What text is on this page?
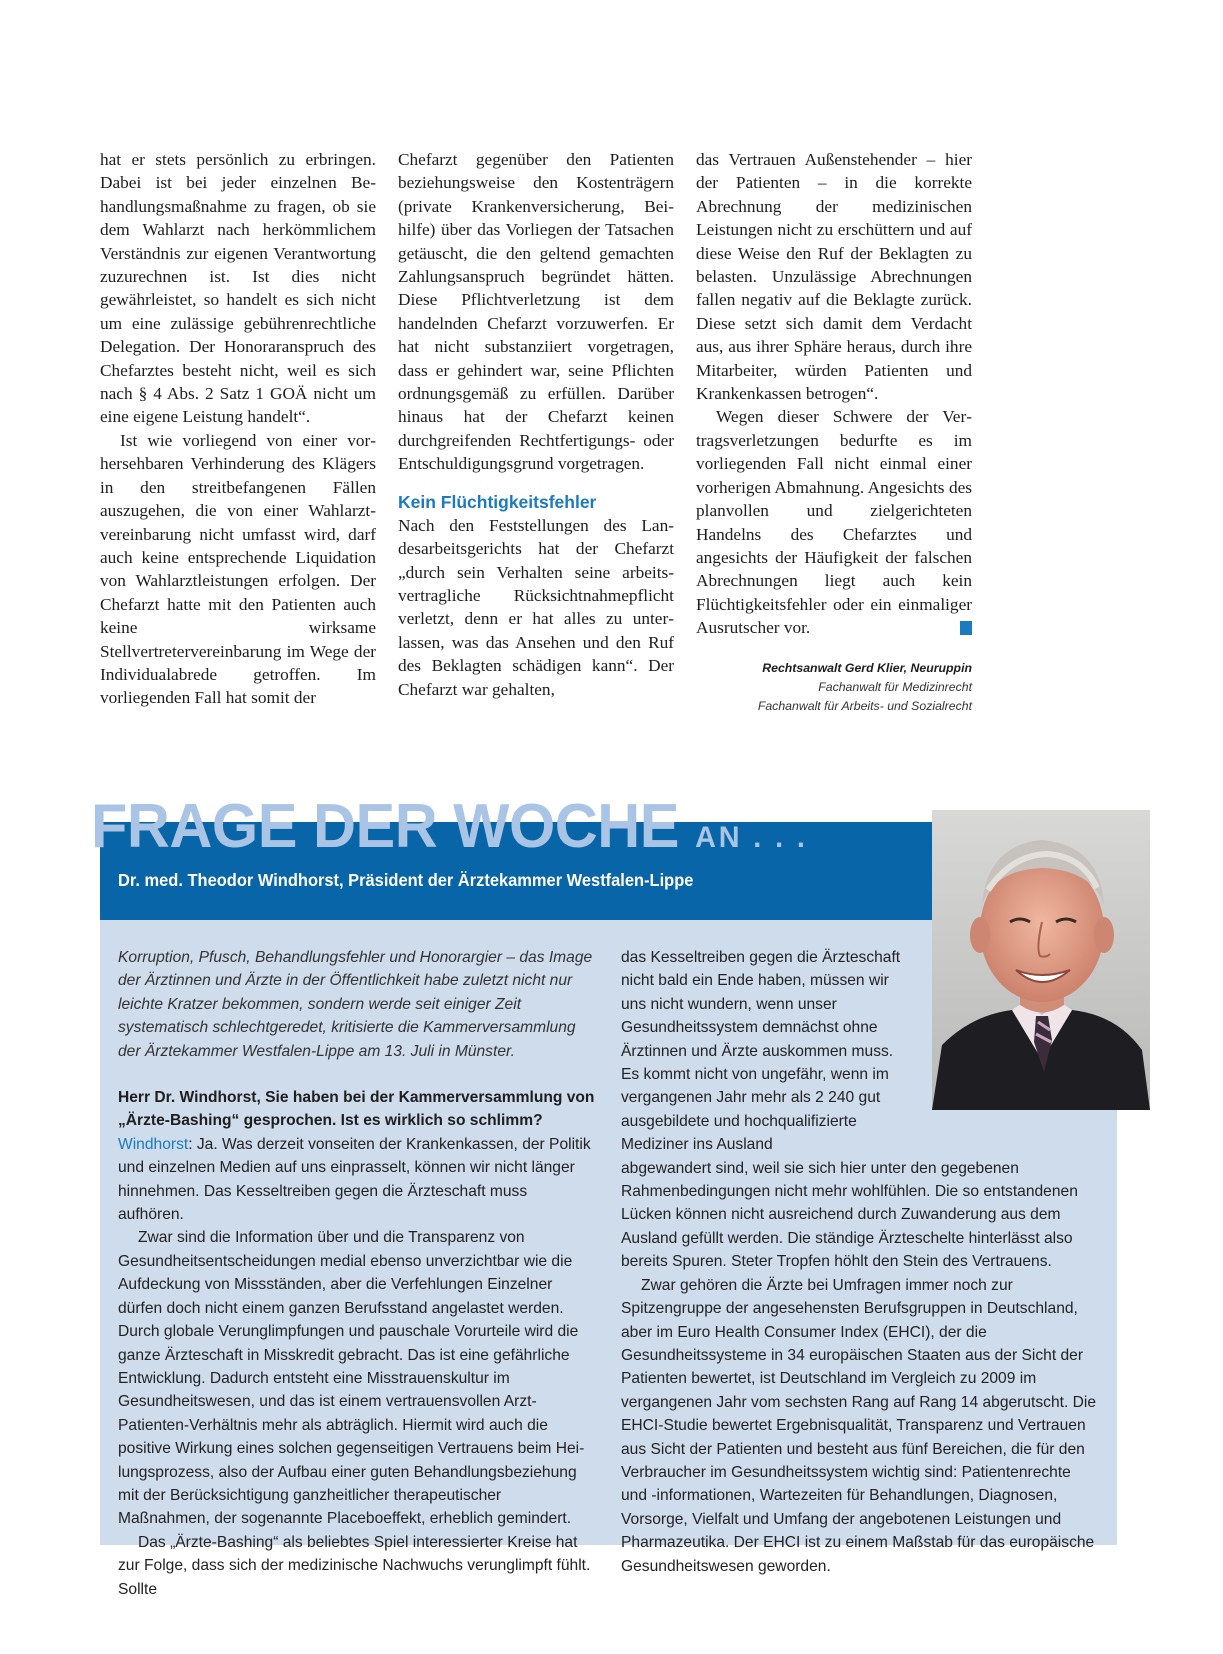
hat er stets persönlich zu erbringen. Dabei ist bei jeder einzelnen Behandlungsmaßnahme zu fragen, ob sie dem Wahlarzt nach herkömmlichem Verständnis zur eigenen Verantwortung zuzurechnen ist. Ist dies nicht gewährleistet, so handelt es sich nicht um eine zulässige gebührenrechtliche Delegation. Der Honoraranspruch des Chefarztes besteht nicht, weil es sich nach § 4 Abs. 2 Satz 1 GOÄ nicht um eine eigene Leistung handelt“.

Ist wie vorliegend von einer vorhersehbaren Verhinderung des Klägers in den streitbefangenen Fällen auszugehen, die von einer Wahlarztvereinbarung nicht umfasst wird, darf auch keine entsprechende Liquidation von Wahlarztleistungen erfolgen. Der Chefarzt hatte mit den Patienten auch keine wirksame Stellvertretervereinbarung im Wege der Individualabrede getroffen. Im vorliegenden Fall hat somit der

Chefarzt gegenüber den Patienten beziehungsweise den Kostenträgern (private Krankenversicherung, Beihilfe) über das Vorliegen der Tatsachen getäuscht, die den geltend gemachten Zahlungsanspruch begründet hätten. Diese Pflichtverletzung ist dem handelnden Chefarzt vorzuwerfen. Er hat nicht substanziiert vorgetragen, dass er gehindert war, seine Pflichten ordnungsgemäß zu erfüllen. Darüber hinaus hat der Chefarzt keinen durchgreifenden Rechtfertigungs- oder Entschuldigungsgrund vorgetragen.

Kein Flüchtigkeitsfehler

Nach den Feststellungen des Landesarbeitsgerichts hat der Chefarzt „durch sein Verhalten seine arbeitsvertragliche Rücksichtnahmepflicht verletzt, denn er hat alles zu unterlassen, was das Ansehen und den Ruf des Beklagten schädigen kann“. Der Chefarzt war gehalten,

das Vertrauen Außenstehender – hier der Patienten – in die korrekte Abrechnung der medizinischen Leistungen nicht zu erschüttern und auf diese Weise den Ruf der Beklagten zu belasten. Unzulässige Abrechnungen fallen negativ auf die Beklagte zurück. Diese setzt sich damit dem Verdacht aus, aus ihrer Sphäre heraus, durch ihre Mitarbeiter, würden Patienten und Krankenkassen betrogen“.

Wegen dieser Schwere der Vertragsverletzungen bedurfte es im vorliegenden Fall nicht einmal einer vorherigen Abmahnung. Angesichts des planvollen und zielgerichteten Handelns des Chefarztes und angesichts der Häufigkeit der falschen Abrechnungen liegt auch kein Flüchtigkeitsfehler oder ein einmaliger Ausrutscher vor.

Rechtsanwalt Gerd Klier, Neuruppin
Fachanwalt für Medizinrecht
Fachanwalt für Arbeits- und Sozialrecht
FRAGE DER WOCHE AN . . .
Dr. med. Theodor Windhorst, Präsident der Ärztekammer Westfalen-Lippe

Korruption, Pfusch, Behandlungsfehler und Honorargier – das Image der Ärztinnen und Ärzte in der Öffentlichkeit habe zuletzt nicht nur leichte Kratzer bekommen, sondern werde seit einiger Zeit systematisch schlechtgeredet, kritisierte die Kammerversammlung der Ärztekammer Westfalen-Lippe am 13. Juli in Münster.

Herr Dr. Windhorst, Sie haben bei der Kammerversammlung von „Ärzte-Bashing“ gesprochen. Ist es wirklich so schlimm?

Windhorst: Ja. Was derzeit vonseiten der Krankenkassen, der Politik und einzelnen Medien auf uns einprasselt, können wir nicht länger hinnehmen. Das Kesseltreiben gegen die Ärzteschaft muss aufhören.

Zwar sind die Information über und die Transparenz von Gesundheitsentscheidungen medial ebenso unverzichtbar wie die Aufdeckung von Missständen, aber die Verfehlungen Einzelner dürfen doch nicht einem ganzen Berufsstand angelastet werden. Durch globale Verunglimpfungen und pauschale Vorurteile wird die ganze Ärzteschaft in Misskredit gebracht. Das ist eine gefährliche Entwicklung. Dadurch entsteht eine Misstrauenskultur im Gesundheitswesen, und das ist einem vertrauensvollen Arzt-Patienten-Verhältnis mehr als abträglich. Hiermit wird auch die positive Wirkung eines solchen gegenseitigen Vertrauens beim Heilungsprozess, also der Aufbau einer guten Behandlungsbeziehung mit der Berücksichtigung ganzheitlicher therapeutischer Maßnahmen, der sogenannte Placeboeffekt, erheblich gemindert.

Das „Ärzte-Bashing“ als beliebtes Spiel interessierter Kreise hat zur Folge, dass sich der medizinische Nachwuchs verunglimpft fühlt. Sollte

das Kesseltreiben gegen die Ärzteschaft nicht bald ein Ende haben, müssen wir uns nicht wundern, wenn unser Gesundheitssystem demnächst ohne Ärztinnen und Ärzte auskommen muss. Es kommt nicht von ungefähr, wenn im vergangenen Jahr mehr als 2 240 gut ausgebildete und hochqualifizierte Mediziner ins Ausland

abgewandert sind, weil sie sich hier unter den gegebenen Rahmenbedingungen nicht mehr wohlfühlen. Die so entstandenen Lücken können nicht ausreichend durch Zuwanderung aus dem Ausland gefüllt werden. Die ständige Ärzteschelte hinterlässt also bereits Spuren. Steter Tropfen höhlt den Stein des Vertrauens.

Zwar gehören die Ärzte bei Umfragen immer noch zur Spitzengruppe der angesehensten Berufsgruppen in Deutschland, aber im Euro Health Consumer Index (EHCI), der die Gesundheitssysteme in 34 europäischen Staaten aus der Sicht der Patienten bewertet, ist Deutschland im Vergleich zu 2009 im vergangenen Jahr vom sechsten Rang auf Rang 14 abgerutscht. Die EHCI-Studie bewertet Ergebnisqualität, Transparenz und Vertrauen aus Sicht der Patienten und besteht aus fünf Bereichen, die für den Verbraucher im Gesundheitssystem wichtig sind: Patientenrechte und -informationen, Wartezeiten für Behandlungen, Diagnosen, Vorsorge, Vielfalt und Umfang der angebotenen Leistungen und Pharmazeutika. Der EHCI ist zu einem Maßstab für das europäische Gesundheitswesen geworden.
